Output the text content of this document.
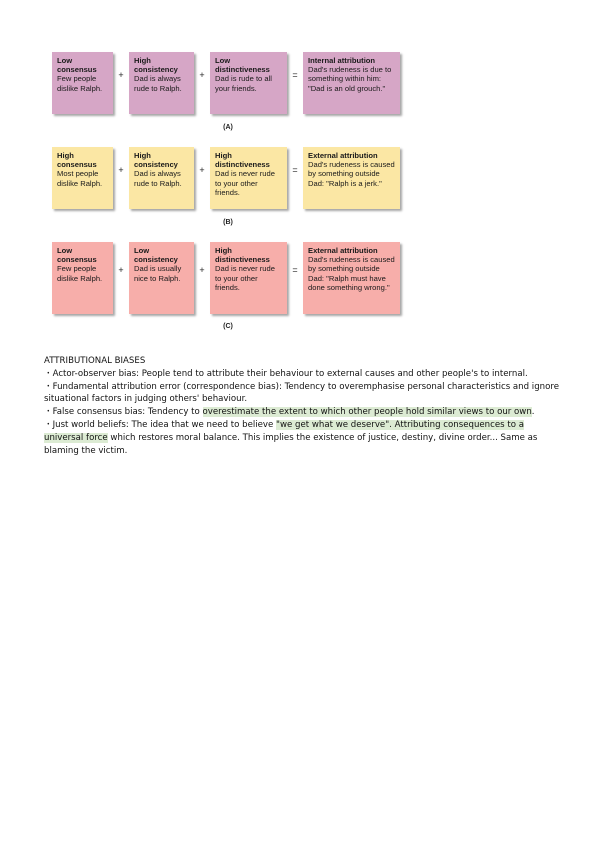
Low consensus
Few people dislike Ralph.
+
High consistency
Dad is always rude to Ralph.
+
Low distinctiveness
Dad is rude to all your friends.
=
Internal attribution
Dad's rudeness is due to something within him: "Dad is an old grouch."
(A)
High consensus
Most people dislike Ralph.
+
High consistency
Dad is always rude to Ralph.
+
High distinctiveness
Dad is never rude to your other friends.
=
External attribution
Dad's rudeness is caused by something outside Dad: "Ralph is a jerk."
(B)
Low consensus
Few people dislike Ralph.
+
Low consistency
Dad is usually nice to Ralph.
+
High distinctiveness
Dad is never rude to your other friends.
=
External attribution
Dad's rudeness is caused by something outside Dad: "Ralph must have done something wrong."
(C)

ATTRIBUTIONAL BIASES

・Actor-observer bias: People tend to attribute their behaviour to external causes and other people's to internal.

・Fundamental attribution error (correspondence bias): Tendency to overemphasise personal characteristics and ignore situational factors in judging others' behaviour.

・False consensus bias: Tendency to overestimate the extent to which other people hold similar views to our own.

・Just world beliefs: The idea that we need to believe "we get what we deserve". Attributing consequences to a universal force which restores moral balance. This implies the existence of justice, destiny, divine order... Same as blaming the victim.
